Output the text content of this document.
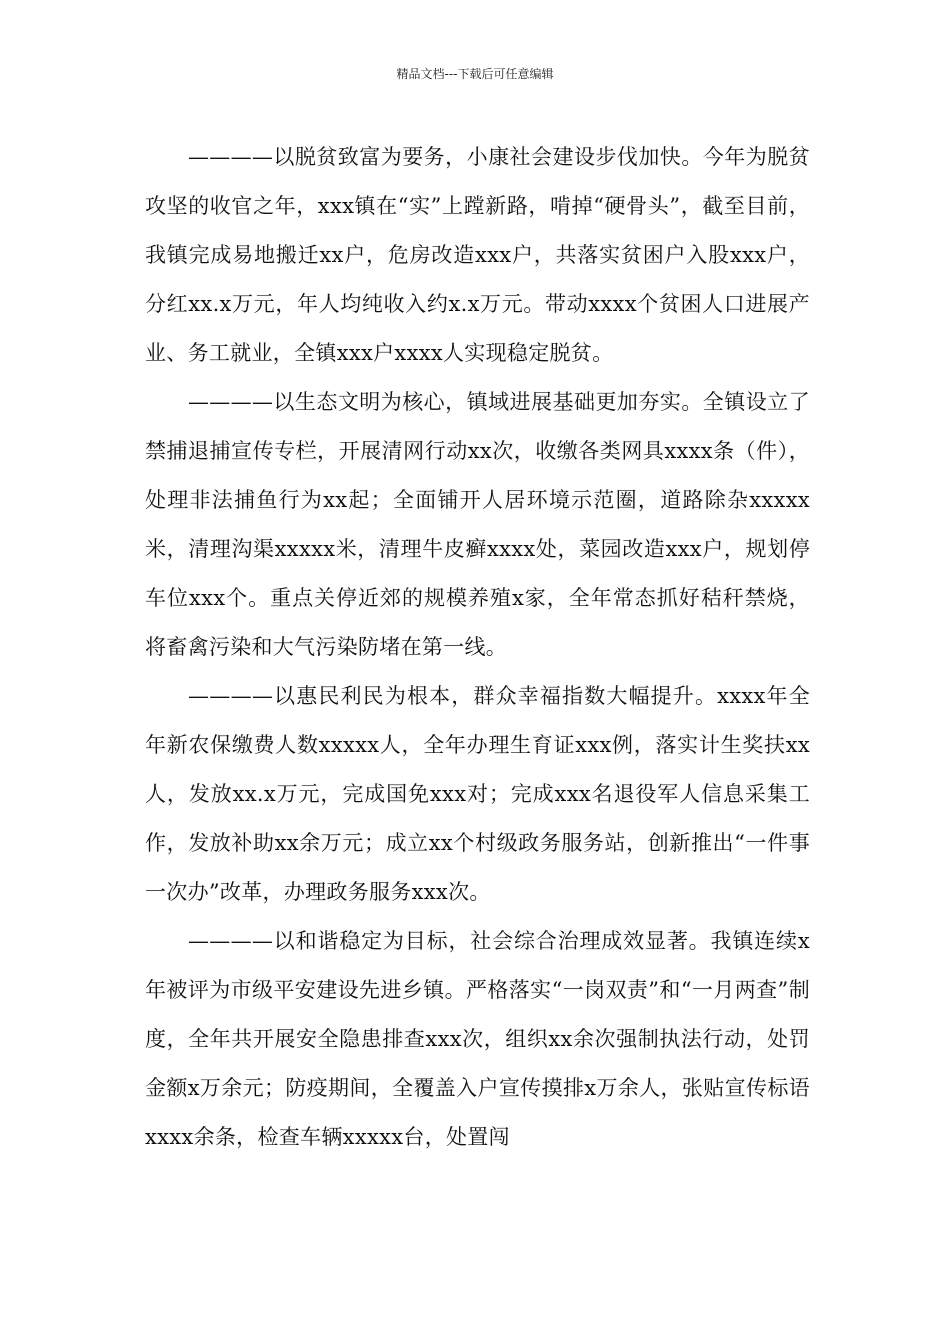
精品文档---下载后可任意编辑

————以脱贫致富为要务，小康社会建设步伐加快。今年为脱贫攻坚的收官之年，xxx镇在“实”上蹚新路，啃掉“硬骨头”，截至目前，我镇完成易地搬迁xx户，危房改造xxx户，共落实贫困户入股xxx户，分红xx.x万元，年人均纯收入约x.x万元。带动xxxx个贫困人口进展产业、务工就业，全镇xxx户xxxx人实现稳定脱贫。

————以生态文明为核心，镇域进展基础更加夯实。全镇设立了禁捕退捕宣传专栏，开展清网行动xx次，收缴各类网具xxxx条（件），处理非法捕鱼行为xx起；全面铺开人居环境示范圈，道路除杂xxxxx米，清理沟渠xxxxx米，清理牛皮癣xxxx处，菜园改造xxx户，规划停车位xxx个。重点关停近郊的规模养殖x家，全年常态抓好秸秆禁烧，将畜禽污染和大气污染防堵在第一线。

————以惠民利民为根本，群众幸福指数大幅提升。xxxx年全年新农保缴费人数xxxxx人，全年办理生育证xxx例，落实计生奖扶xx人，发放xx.x万元，完成国免xxx对；完成xxx名退役军人信息采集工作，发放补助xx余万元；成立xx个村级政务服务站，创新推出“一件事一次办”改革，办理政务服务xxx次。

————以和谐稳定为目标，社会综合治理成效显著。我镇连续x年被评为市级平安建设先进乡镇。严格落实“一岗双责”和“一月两查”制度，全年共开展安全隐患排查xxx次，组织xx余次强制执法行动，处罚金额x万余元；防疫期间，全覆盖入户宣传摸排x万余人，张贴宣传标语xxxx余条，检查车辆xxxxx台，处置闯
